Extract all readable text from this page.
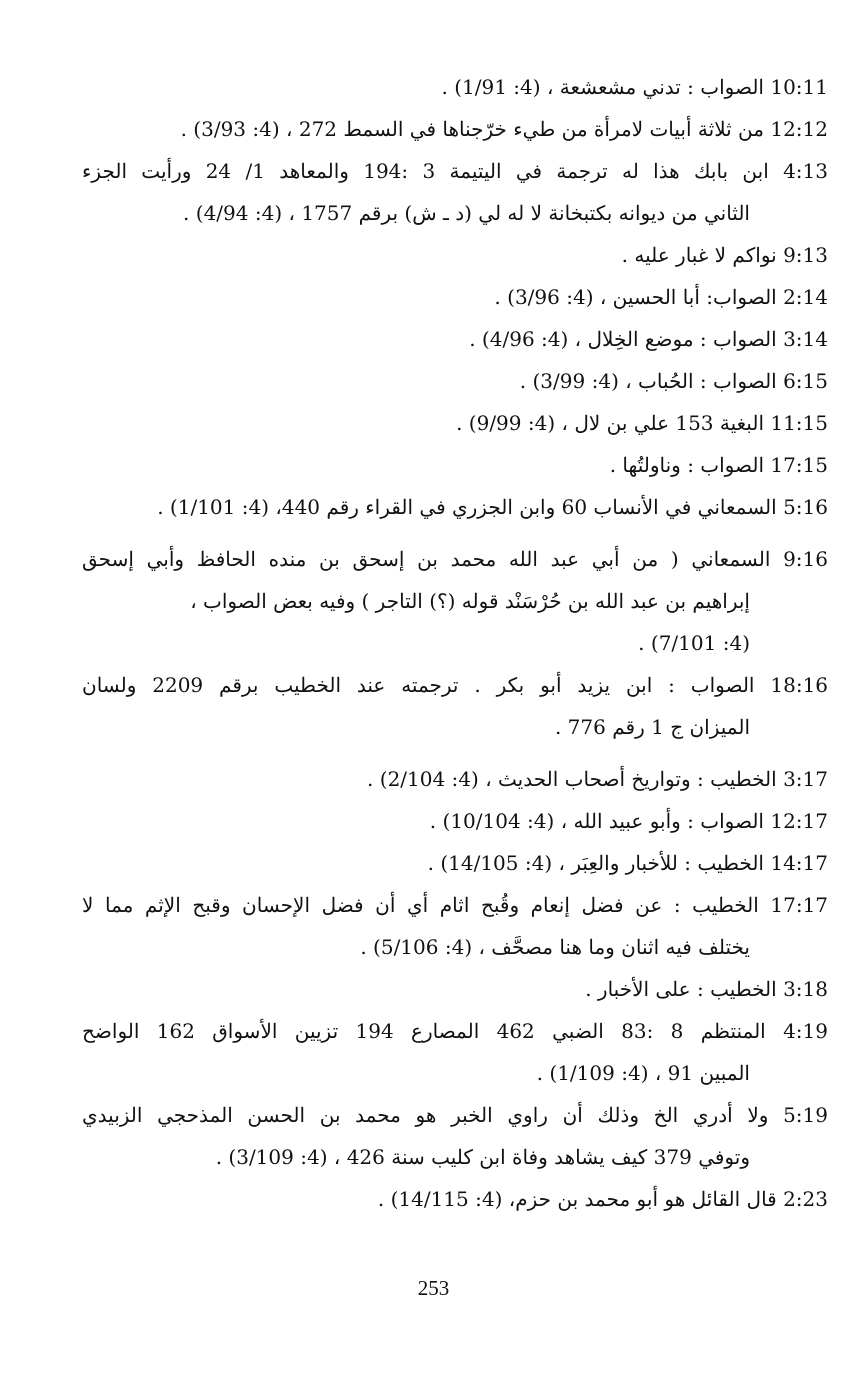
10:11 الصواب : تدني مشعشعة ، (4: 1/91) .
12:12 من ثلاثة أبيات لامرأة من طيء خرّجناها في السمط 272 ، (4: 3/93) .
4:13 ابن بابك هذا له ترجمة في اليتيمة 3 :194 والمعاهد 1/ 24 ورأيت الجزء
الثاني من ديوانه بكتبخانة لا له لي (د ـ ش) برقم 1757 ، (4: 4/94) .
9:13 نواكم لا غبار عليه .
2:14 الصواب: أبا الحسين ، (4: 3/96) .
3:14 الصواب : موضع الخِلال ، (4: 4/96) .
6:15 الصواب : الحُباب ، (4: 3/99) .
11:15 البغية 153 علي بن لال ، (4: 9/99) .
17:15 الصواب : وناولتُها .
5:16 السمعاني في الأنساب 60 وابن الجزري في القراء رقم 440، (4: 1/101) .
9:16 السمعاني ( من أبي عبد الله محمد بن إسحق بن منده الحافظ وأبي إسحق
إبراهيم بن عبد الله بن حُرْسَنْد قوله (؟) التاجر ) وفيه بعض الصواب ،
(4: 7/101) .
18:16 الصواب : ابن يزيد أبو بكر . ترجمته عند الخطيب برقم 2209 ولسان
الميزان ج 1 رقم 776 .
3:17 الخطيب : وتواريخ أصحاب الحديث ، (4: 2/104) .
12:17 الصواب : وأبو عبيد الله ، (4: 10/104) .
14:17 الخطيب : للأخبار والعِبَر ، (4: 14/105) .
17:17 الخطيب : عن فضل إنعام وقُبح اثام أي أن فضل الإحسان وقبح الإثم مما لا
يختلف فيه اثنان وما هنا مصحَّف ، (4: 5/106) .
3:18 الخطيب : على الأخبار .
4:19 المنتظم 8 :83 الضبي 462 المصارع 194 تزيين الأسواق 162 الواضح
المبين 91 ، (4: 1/109) .
5:19 ولا أدري الخ وذلك أن راوي الخبر هو محمد بن الحسن المذحجي الزبيدي
وتوفي 379 كيف يشاهد وفاة ابن كليب سنة 426 ، (4: 3/109) .
2:23 قال القائل هو أبو محمد بن حزم، (4: 14/115) .
253
